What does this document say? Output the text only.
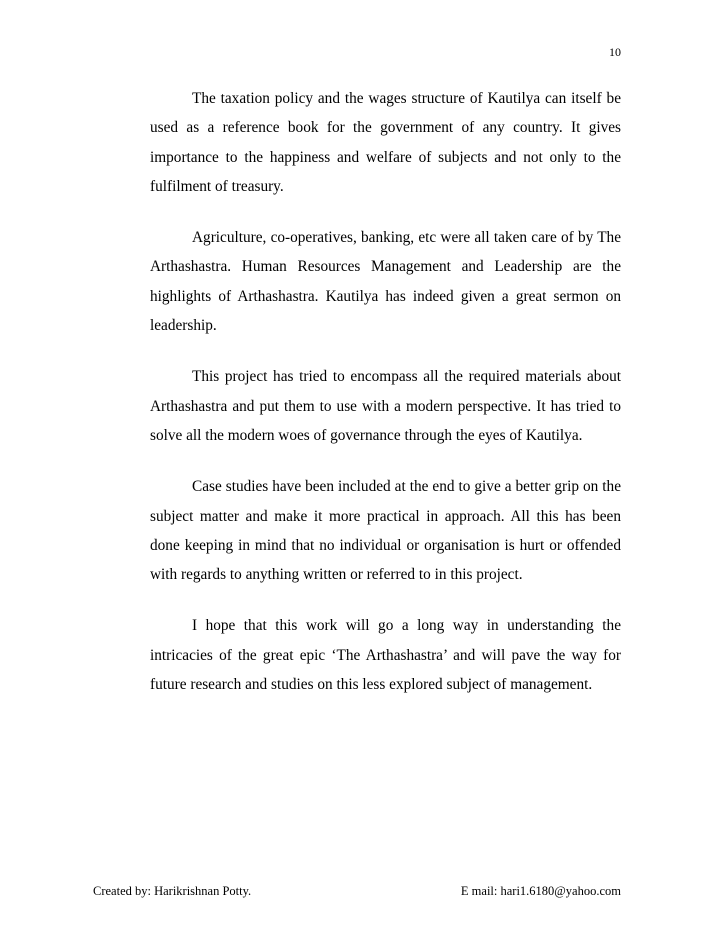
10

The taxation policy and the wages structure of Kautilya can itself be used as a reference book for the government of any country. It gives importance to the happiness and welfare of subjects and not only to the fulfilment of treasury.

Agriculture, co-operatives, banking, etc were all taken care of by The Arthashastra. Human Resources Management and Leadership are the highlights of Arthashastra. Kautilya has indeed given a great sermon on leadership.

This project has tried to encompass all the required materials about Arthashastra and put them to use with a modern perspective. It has tried to solve all the modern woes of governance through the eyes of Kautilya.

Case studies have been included at the end to give a better grip on the subject matter and make it more practical in approach. All this has been done keeping in mind that no individual or organisation is hurt or offended with regards to anything written or referred to in this project.

I hope that this work will go a long way in understanding the intricacies of the great epic ‘The Arthashastra’ and will pave the way for future research and studies on this less explored subject of management.

Created by: Harikrishnan Potty.	E mail: hari1.6180@yahoo.com
